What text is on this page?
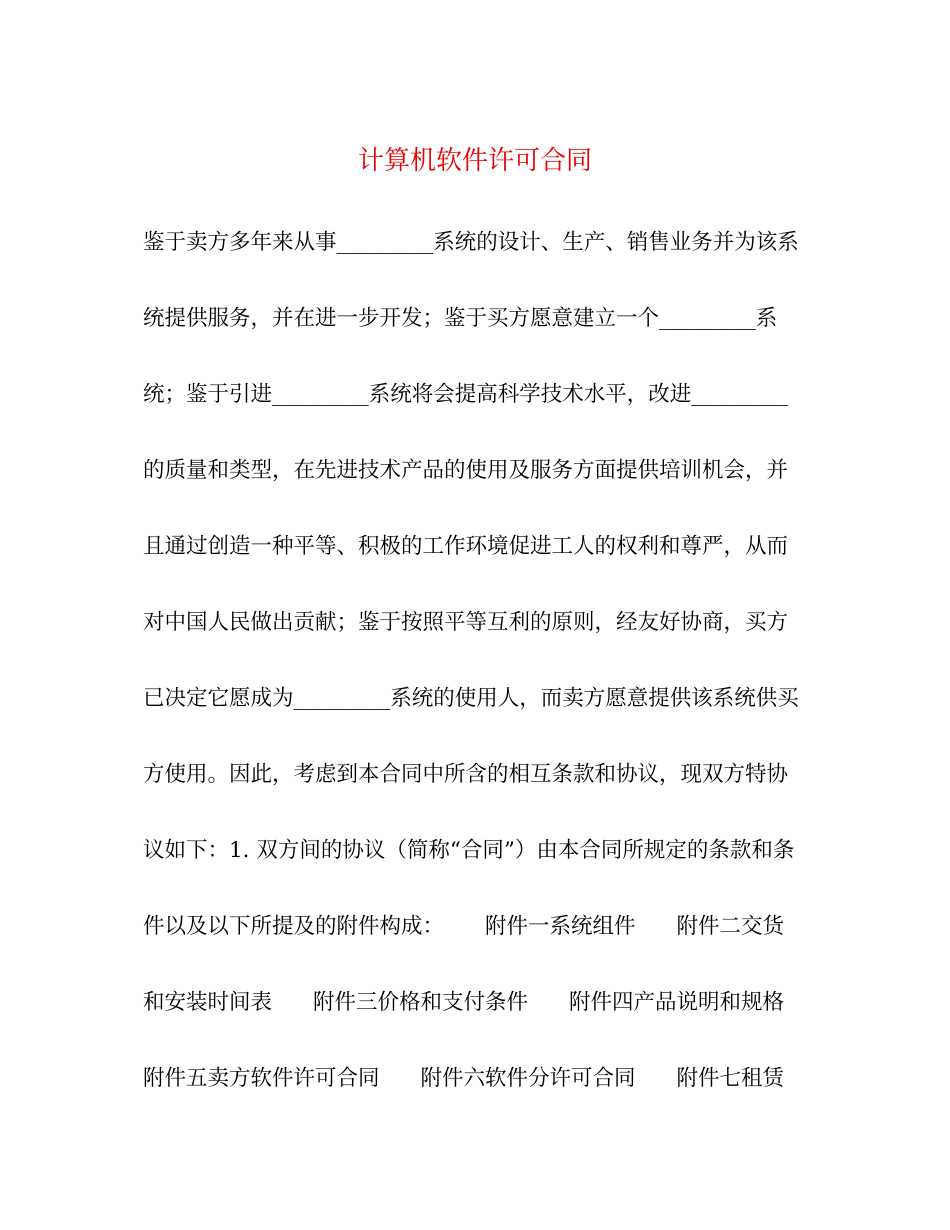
计算机软件许可合同
鉴于卖方多年来从事_________系统的设计、生产、销售业务并为该系
统提供服务，并在进一步开发；鉴于买方愿意建立一个_________系
统；鉴于引进_________系统将会提高科学技术水平，改进_________
的质量和类型，在先进技术产品的使用及服务方面提供培训机会，并
且通过创造一种平等、积极的工作环境促进工人的权利和尊严，从而
对中国人民做出贡献；鉴于按照平等互利的原则，经友好协商，买方
已决定它愿成为_________系统的使用人，而卖方愿意提供该系统供买
方使用。因此，考虑到本合同中所含的相互条款和协议，现双方特协
议如下：1. 双方间的协议（简称“合同”）由本合同所规定的条款和条
件以及以下所提及的附件构成：      附件一系统组件      附件二交货
和安装时间表      附件三价格和支付条件      附件四产品说明和规格
附件五卖方软件许可合同      附件六软件分许可合同      附件七租赁
